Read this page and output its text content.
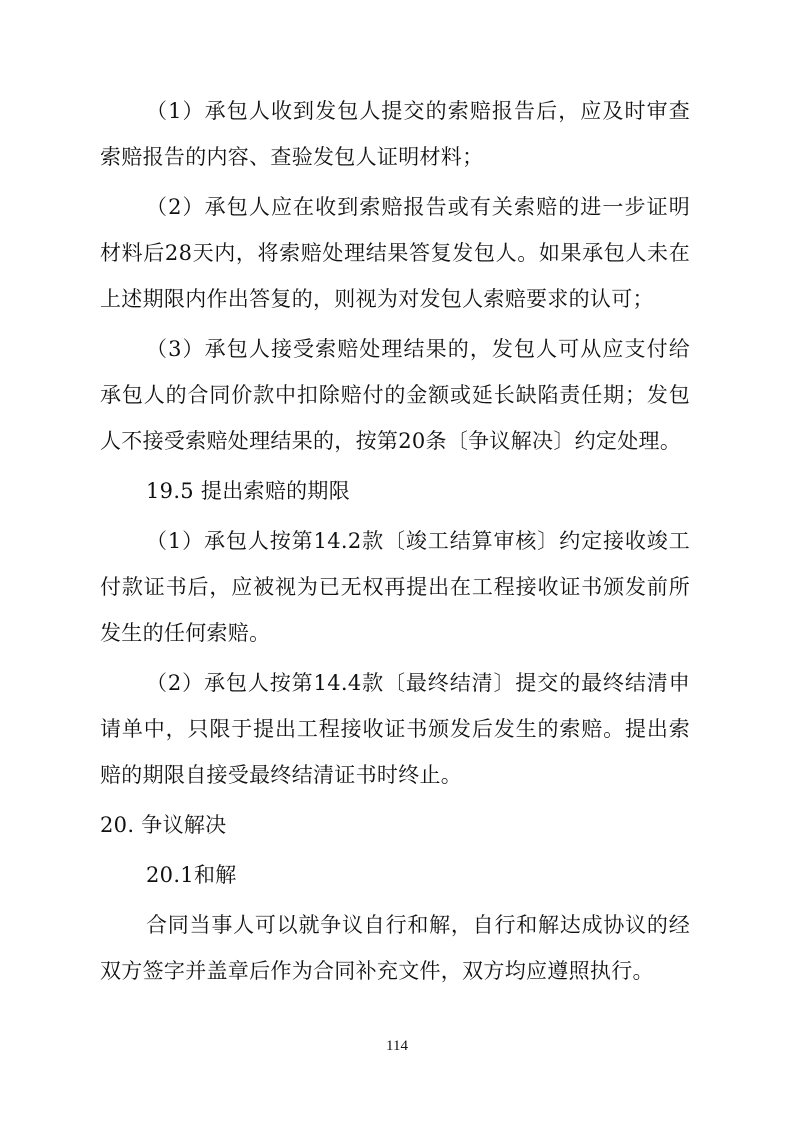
（1）承包人收到发包人提交的索赔报告后，应及时审查索赔报告的内容、查验发包人证明材料；

（2）承包人应在收到索赔报告或有关索赔的进一步证明材料后28天内，将索赔处理结果答复发包人。如果承包人未在上述期限内作出答复的，则视为对发包人索赔要求的认可；

（3）承包人接受索赔处理结果的，发包人可从应支付给承包人的合同价款中扣除赔付的金额或延长缺陷责任期；发包人不接受索赔处理结果的，按第20条〔争议解决〕约定处理。

19.5 提出索赔的期限

（1）承包人按第14.2款〔竣工结算审核〕约定接收竣工付款证书后，应被视为已无权再提出在工程接收证书颁发前所发生的任何索赔。

（2）承包人按第14.4款〔最终结清〕提交的最终结清申请单中，只限于提出工程接收证书颁发后发生的索赔。提出索赔的期限自接受最终结清证书时终止。

20. 争议解决

20.1和解

合同当事人可以就争议自行和解，自行和解达成协议的经双方签字并盖章后作为合同补充文件，双方均应遵照执行。

114
